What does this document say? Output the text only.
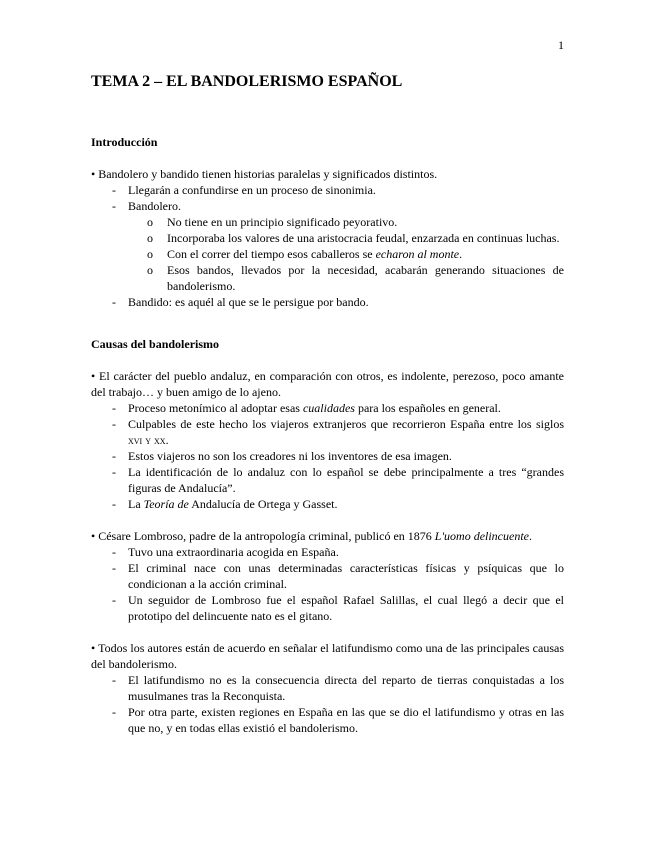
1
TEMA 2 – EL BANDOLERISMO ESPAÑOL
Introducción

• Bandolero y bandido tienen historias paralelas y significados distintos.

- Llegarán a confundirse en un proceso de sinonimia.
- Bandolero.
o No tiene en un principio significado peyorativo.
o Incorporaba los valores de una aristocracia feudal, enzarzada en continuas luchas.
o Con el correr del tiempo esos caballeros se echaron al monte.
o Esos bandos, llevados por la necesidad, acabarán generando situaciones de bandolerismo.
- Bandido: es aquél al que se le persigue por bando.
Causas del bandolerismo

• El carácter del pueblo andaluz, en comparación con otros, es indolente, perezoso, poco amante del trabajo… y buen amigo de lo ajeno.

- Proceso metonímico al adoptar esas cualidades para los españoles en general.
- Culpables de este hecho los viajeros extranjeros que recorrieron España entre los siglos xvi y xx.
- Estos viajeros no son los creadores ni los inventores de esa imagen.
- La identificación de lo andaluz con lo español se debe principalmente a tres “grandes figuras de Andalucía”.
- La Teoría de Andalucía de Ortega y Gasset.

• Césare Lombroso, padre de la antropología criminal, publicó en 1876 L'uomo delincuente.

- Tuvo una extraordinaria acogida en España.
- El criminal nace con unas determinadas características físicas y psíquicas que lo condicionan a la acción criminal.
- Un seguidor de Lombroso fue el español Rafael Salillas, el cual llegó a decir que el prototipo del delincuente nato es el gitano.

• Todos los autores están de acuerdo en señalar el latifundismo como una de las principales causas del bandolerismo.

- El latifundismo no es la consecuencia directa del reparto de tierras conquistadas a los musulmanes tras la Reconquista.
- Por otra parte, existen regiones en España en las que se dio el latifundismo y otras en las que no, y en todas ellas existió el bandolerismo.
